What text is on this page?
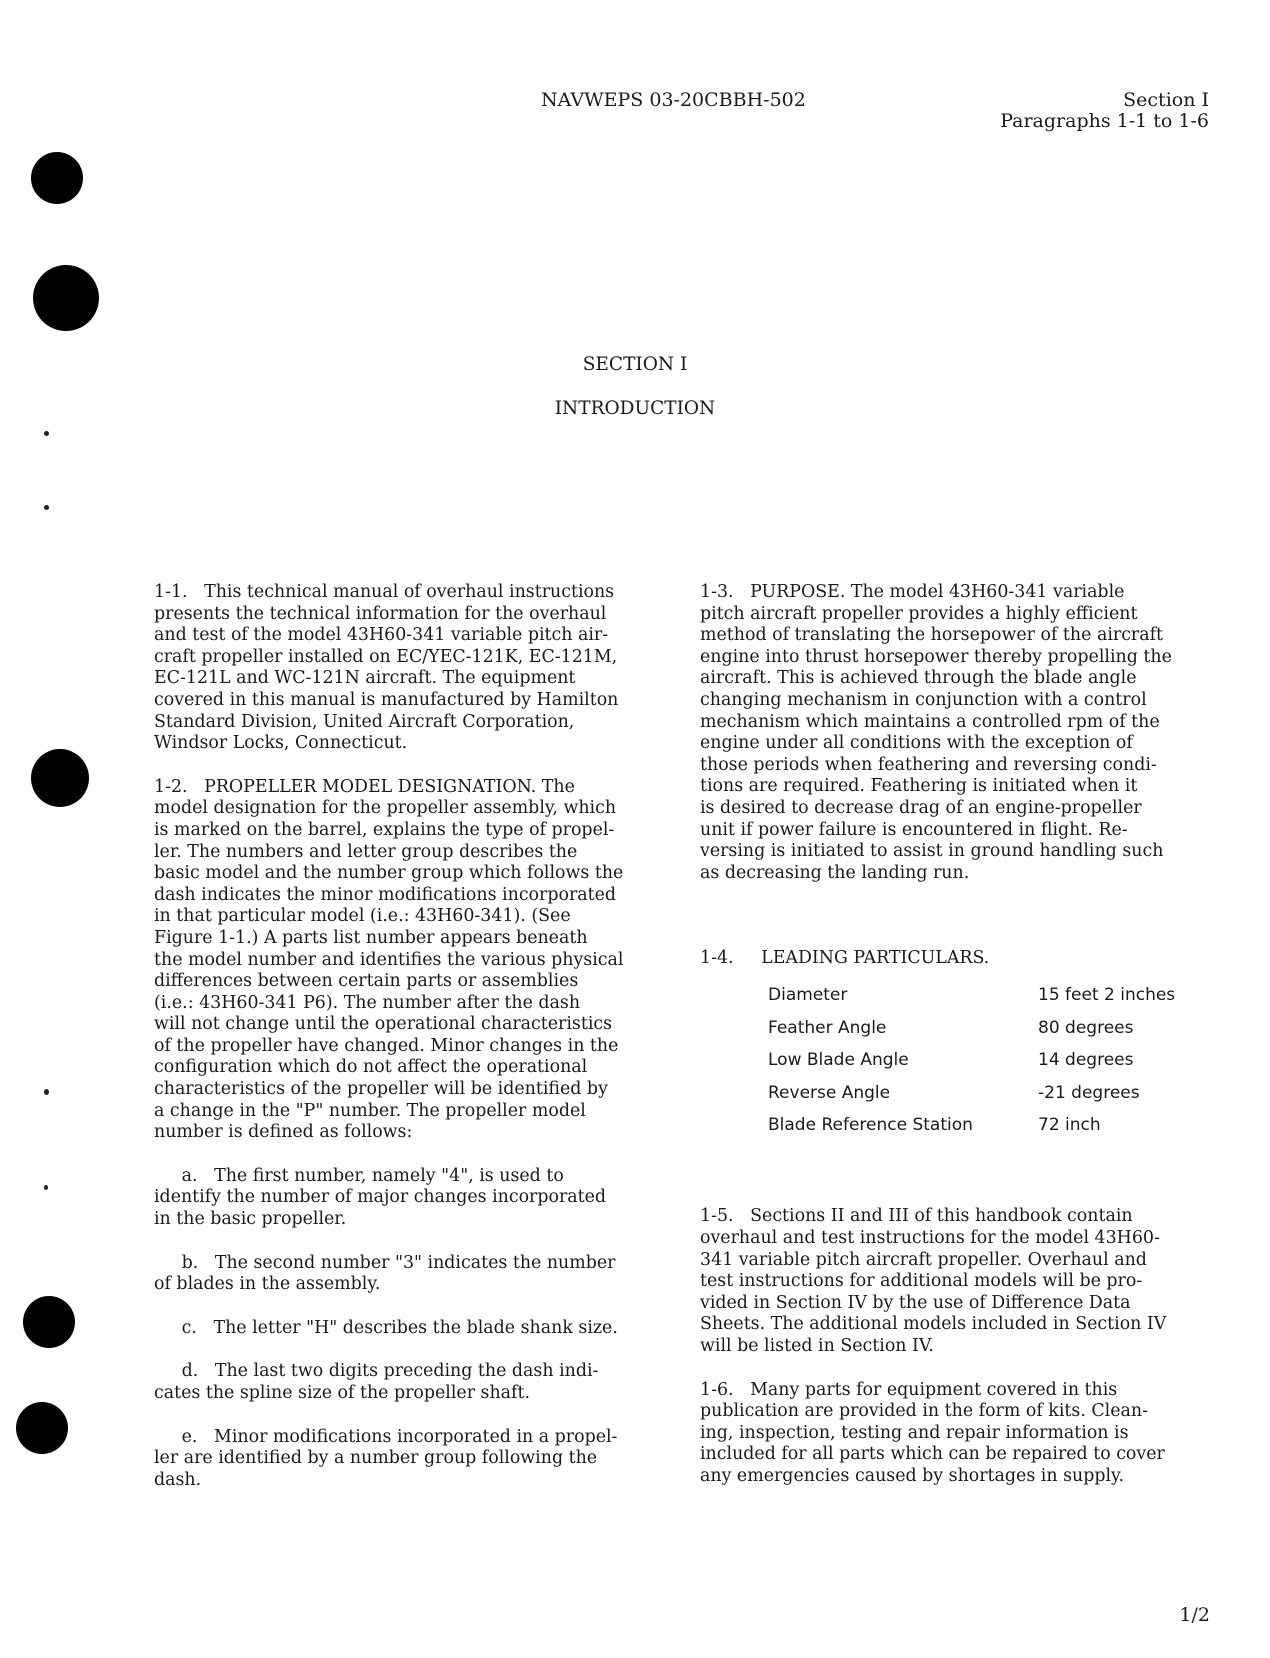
NAVWEPS 03-20CBBH-502	Section I
Paragraphs 1-1 to 1-6
SECTION I
INTRODUCTION

1-1.   This technical manual of overhaul instructions
presents the technical information for the overhaul
and test of the model 43H60-341 variable pitch air-
craft propeller installed on EC/YEC-121K, EC-121M,
EC-121L and WC-121N aircraft. The equipment
covered in this manual is manufactured by Hamilton
Standard Division, United Aircraft Corporation,
Windsor Locks, Connecticut.

1-2.   PROPELLER MODEL DESIGNATION. The
model designation for the propeller assembly, which
is marked on the barrel, explains the type of propel-
ler. The numbers and letter group describes the
basic model and the number group which follows the
dash indicates the minor modifications incorporated
in that particular model (i.e.: 43H60-341). (See
Figure 1-1.) A parts list number appears beneath
the model number and identifies the various physical
differences between certain parts or assemblies
(i.e.: 43H60-341 P6). The number after the dash
will not change until the operational characteristics
of the propeller have changed. Minor changes in the
configuration which do not affect the operational
characteristics of the propeller will be identified by
a change in the "P" number. The propeller model
number is defined as follows:

a.   The first number, namely "4", is used to
identify the number of major changes incorporated
in the basic propeller.

b.   The second number "3" indicates the number
of blades in the assembly.

c.   The letter "H" describes the blade shank size.

d.   The last two digits preceding the dash indi-
cates the spline size of the propeller shaft.

e.   Minor modifications incorporated in a propel-
ler are identified by a number group following the
dash.

1-3.   PURPOSE. The model 43H60-341 variable
pitch aircraft propeller provides a highly efficient
method of translating the horsepower of the aircraft
engine into thrust horsepower thereby propelling the
aircraft. This is achieved through the blade angle
changing mechanism in conjunction with a control
mechanism which maintains a controlled rpm of the
engine under all conditions with the exception of
those periods when feathering and reversing condi-
tions are required. Feathering is initiated when it
is desired to decrease drag of an engine-propeller
unit if power failure is encountered in flight. Re-
versing is initiated to assist in ground handling such
as decreasing the landing run.

1-4.     LEADING PARTICULARS.

Diameter	15 feet 2 inches
Feather Angle	80 degrees
Low Blade Angle	14 degrees
Reverse Angle	-21 degrees
Blade Reference Station	72 inch

1-5.   Sections II and III of this handbook contain
overhaul and test instructions for the model 43H60-
341 variable pitch aircraft propeller. Overhaul and
test instructions for additional models will be pro-
vided in Section IV by the use of Difference Data
Sheets. The additional models included in Section IV
will be listed in Section IV.

1-6.   Many parts for equipment covered in this
publication are provided in the form of kits. Clean-
ing, inspection, testing and repair information is
included for all parts which can be repaired to cover
any emergencies caused by shortages in supply.

1/2
